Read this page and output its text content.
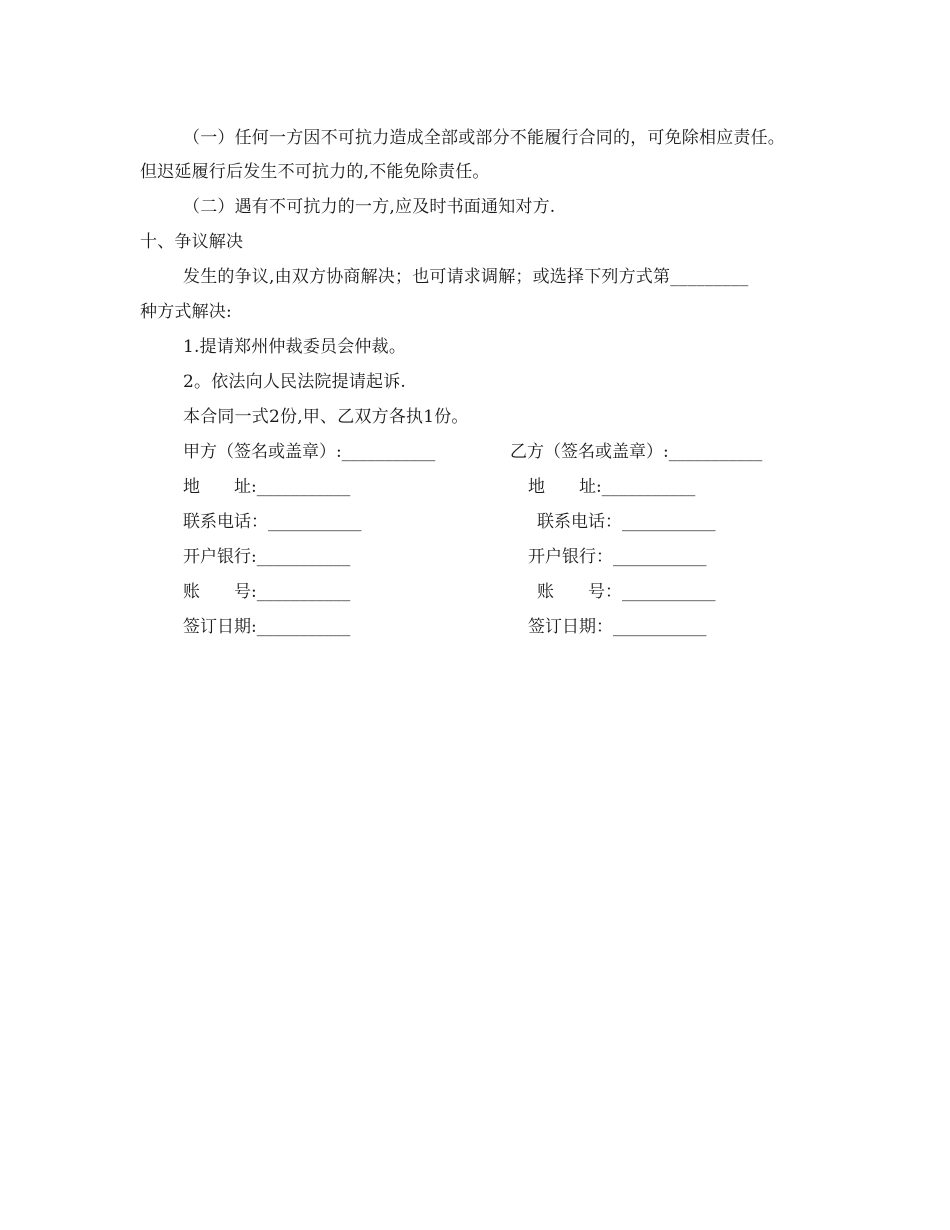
（一）任何一方因不可抗力造成全部或部分不能履行合同的，可免除相应责任。
但迟延履行后发生不可抗力的,不能免除责任。
（二）遇有不可抗力的一方,应及时书面通知对方.
十、争议解决
发生的争议,由双方协商解决；也可请求调解；或选择下列方式第_________
种方式解决:
1.提请郑州仲裁委员会仲裁。
2。依法向人民法院提请起诉.
本合同一式2份,甲、乙双方各执1份。
甲方（签名或盖章）:___________
地　　址:___________
联系电话：___________
开户银行:___________
账　　号:___________
签订日期:___________
乙方（签名或盖章）:___________
地　　址:___________
联系电话：___________
开户银行：___________
账　　号：___________
签订日期：___________
